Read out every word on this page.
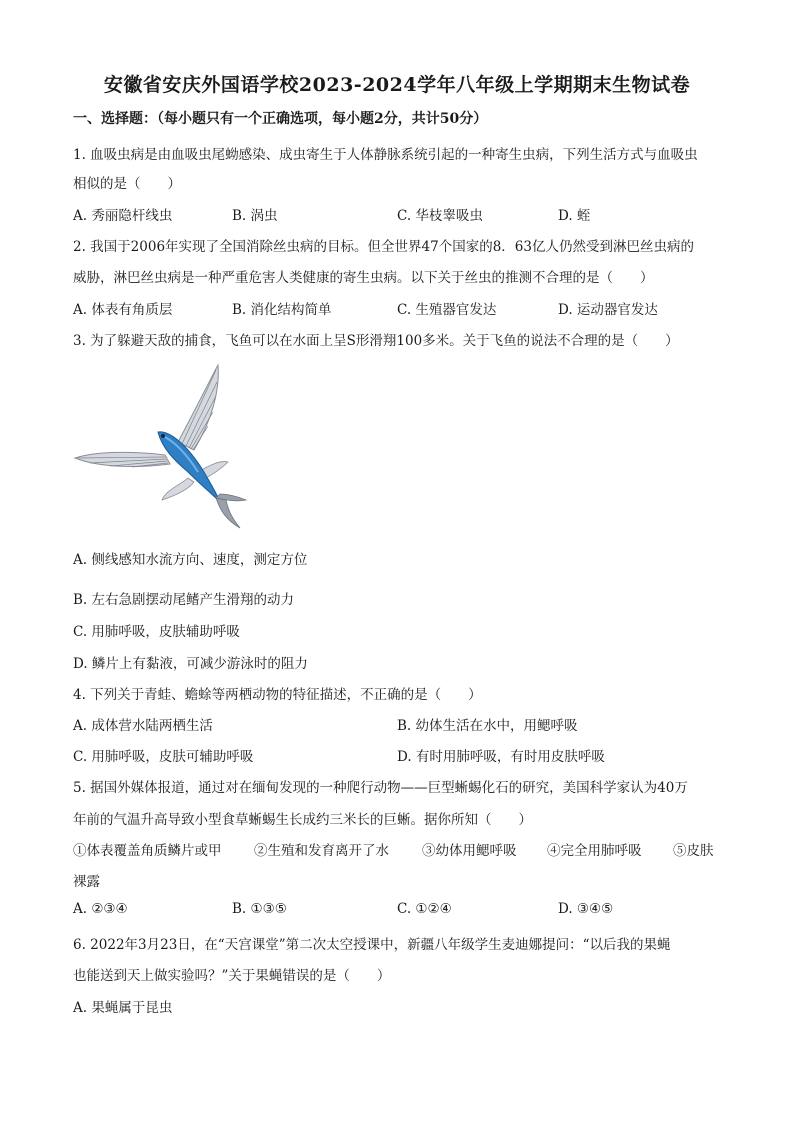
安徽省安庆外国语学校2023-2024学年八年级上学期期末生物试卷
一、选择题：（每小题只有一个正确选项，每小题2分，共计50分）
1. 血吸虫病是由血吸虫尾蚴感染、成虫寄生于人体静脉系统引起的一种寄生虫病，下列生活方式与血吸虫
相似的是（　　）
A. 秀丽隐杆线虫	B. 涡虫	C. 华枝睾吸虫	D. 蛭
2. 我国于2006年实现了全国消除丝虫病的目标。但全世界47个国家的8．63亿人仍然受到淋巴丝虫病的
威胁，淋巴丝虫病是一种严重危害人类健康的寄生虫病。以下关于丝虫的推测不合理的是（　　）
A. 体表有角质层	B. 消化结构简单	C. 生殖器官发达	D. 运动器官发达
3. 为了躲避天敌的捕食，飞鱼可以在水面上呈S形滑翔100多米。关于飞鱼的说法不合理的是（　　）
A. 侧线感知水流方向、速度，测定方位
B. 左右急剧摆动尾鳍产生滑翔的动力
C. 用肺呼吸，皮肤辅助呼吸
D. 鳞片上有黏液，可减少游泳时的阻力
4. 下列关于青蛙、蟾蜍等两栖动物的特征描述，不正确的是（　　）
A. 成体营水陆两栖生活	B. 幼体生活在水中，用鳃呼吸
C. 用肺呼吸，皮肤可辅助呼吸	D. 有时用肺呼吸，有时用皮肤呼吸
5. 据国外媒体报道，通过对在缅甸发现的一种爬行动物——巨型蜥蜴化石的研究，美国科学家认为40万
年前的气温升高导致小型食草蜥蜴生长成约三米长的巨蜥。据你所知（　　）
①体表覆盖角质鳞片或甲 ②生殖和发育离开了水 ③幼体用鳃呼吸 ④完全用肺呼吸 ⑤皮肤
裸露
A. ②③④	B. ①③⑤	C. ①②④	D. ③④⑤
6. 2022年3月23日，在“天宫课堂”第二次太空授课中，新疆八年级学生麦迪娜提问：“以后我的果蝇
也能送到天上做实验吗？”关于果蝇错误的是（　　）
A. 果蝇属于昆虫
